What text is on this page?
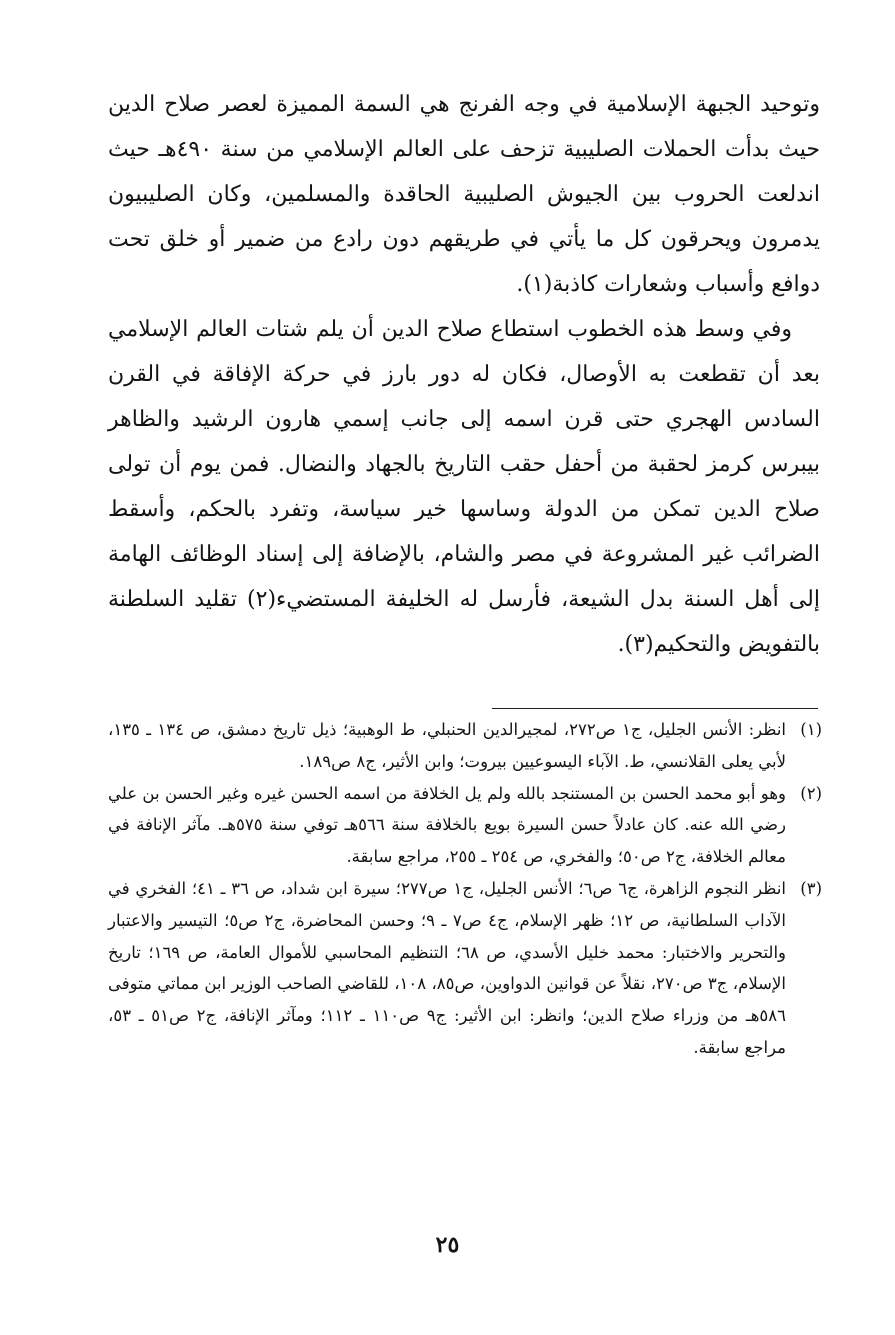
وتوحيد الجبهة الإسلامية في وجه الفرنج هي السمة المميزة لعصر صلاح الدين حيث بدأت الحملات الصليبية تزحف على العالم الإسلامي من سنة ٤٩٠هـ حيث اندلعت الحروب بين الجيوش الصليبية الحاقدة والمسلمين، وكان الصليبيون يدمرون ويحرقون كل ما يأتي في طريقهم دون رادع من ضمير أو خلق تحت دوافع وأسباب وشعارات كاذبة(١).

وفي وسط هذه الخطوب استطاع صلاح الدين أن يلم شتات العالم الإسلامي بعد أن تقطعت به الأوصال، فكان له دور بارز في حركة الإفاقة في القرن السادس الهجري حتى قرن اسمه إلى جانب إسمي هارون الرشيد والظاهر بيبرس كرمز لحقبة من أحفل حقب التاريخ بالجهاد والنضال. فمن يوم أن تولى صلاح الدين تمكن من الدولة وساسها خير سياسة، وتفرد بالحكم، وأسقط الضرائب غير المشروعة في مصر والشام، بالإضافة إلى إسناد الوظائف الهامة إلى أهل السنة بدل الشيعة، فأرسل له الخليفة المستضيء(٢) تقليد السلطنة بالتفويض والتحكيم(٣).

(١)
انظر: الأنس الجليل، ج١ ص٢٧٢، لمجيرالدين الحنبلي، ط الوهبية؛ ذيل تاريخ دمشق، ص ١٣٤ ـ ١٣٥، لأبي يعلى القلانسي، ط. الآباء اليسوعيين بيروت؛ وابن الأثير، ج٨ ص١٨٩.
(٢)
وهو أبو محمد الحسن بن المستنجد بالله ولم يل الخلافة من اسمه الحسن غيره وغير الحسن بن علي رضي الله عنه. كان عادلاً حسن السيرة بويع بالخلافة سنة ٥٦٦هـ توفي سنة ٥٧٥هـ. مآثر الإنافة في معالم الخلافة، ج٢ ص٥٠؛ والفخري، ص ٢٥٤ ـ ٢٥٥، مراجع سابقة.
(٣)
انظر النجوم الزاهرة، ج٦ ص٦؛ الأنس الجليل، ج١ ص٢٧٧؛ سيرة ابن شداد، ص ٣٦ ـ ٤١؛ الفخري في الآداب السلطانية، ص ١٢؛ ظهر الإسلام، ج٤ ص٧ ـ ٩؛ وحسن المحاضرة، ج٢ ص٥؛ التيسير والاعتبار والتحرير والاختبار: محمد خليل الأسدي، ص ٦٨؛ التنظيم المحاسبي للأموال العامة، ص ١٦٩؛ تاريخ الإسلام، ج٣ ص٢٧٠، نقلاً عن قوانين الدواوين، ص٨٥، ١٠٨، للقاضي الصاحب الوزير ابن مماتي متوفى ٥٨٦هـ من وزراء صلاح الدين؛ وانظر: ابن الأثير: ج٩ ص١١٠ ـ ١١٢؛ ومآثر الإنافة، ج٢ ص٥١ ـ ٥٣، مراجع سابقة.
٢٥
